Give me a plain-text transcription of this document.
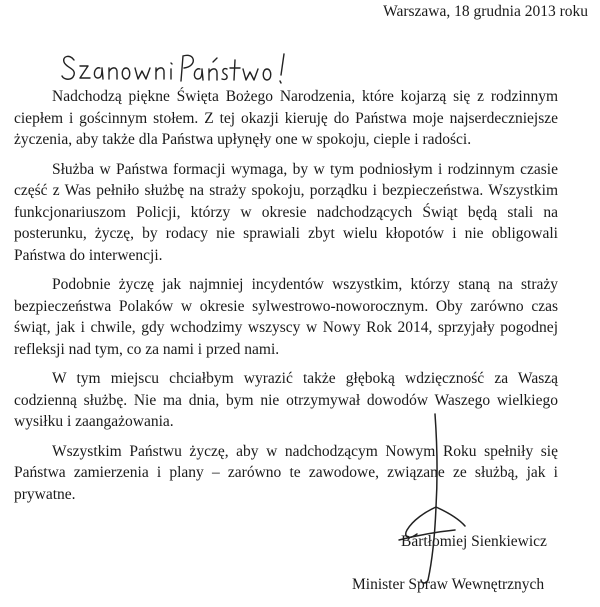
Warszawa, 18 grudnia 2013 roku

Nadchodzą piękne Święta Bożego Narodzenia, które kojarzą się z rodzinnym ciepłem i gościnnym stołem. Z tej okazji kieruję do Państwa moje najserdeczniejsze życzenia, aby także dla Państwa upłynęły one w spokoju, cieple i radości.

Służba w Państwa formacji wymaga, by w tym podniosłym i rodzinnym czasie część z Was pełniło służbę na straży spokoju, porządku i bezpieczeństwa. Wszystkim funkcjonariuszom Policji, którzy w okresie nadchodzących Świąt będą stali na posterunku, życzę, by rodacy nie sprawiali zbyt wielu kłopotów i nie obligowali Państwa do interwencji.

Podobnie życzę jak najmniej incydentów wszystkim, którzy staną na straży bezpieczeństwa Polaków w okresie sylwestrowo-noworocznym. Oby zarówno czas świąt, jak i chwile, gdy wchodzimy wszyscy w Nowy Rok 2014, sprzyjały pogodnej refleksji nad tym, co za nami i przed nami.

W tym miejscu chciałbym wyrazić także głęboką wdzięczność za Waszą codzienną służbę. Nie ma dnia, bym nie otrzymywał dowodów Waszego wielkiego wysiłku i zaangażowania.

Wszystkim Państwu życzę, aby w nadchodzącym Nowym Roku spełniły się Państwa zamierzenia i plany – zarówno te zawodowe, związane ze służbą, jak i prywatne.

Bartłomiej Sienkiewicz
Minister Spraw Wewnętrznych
